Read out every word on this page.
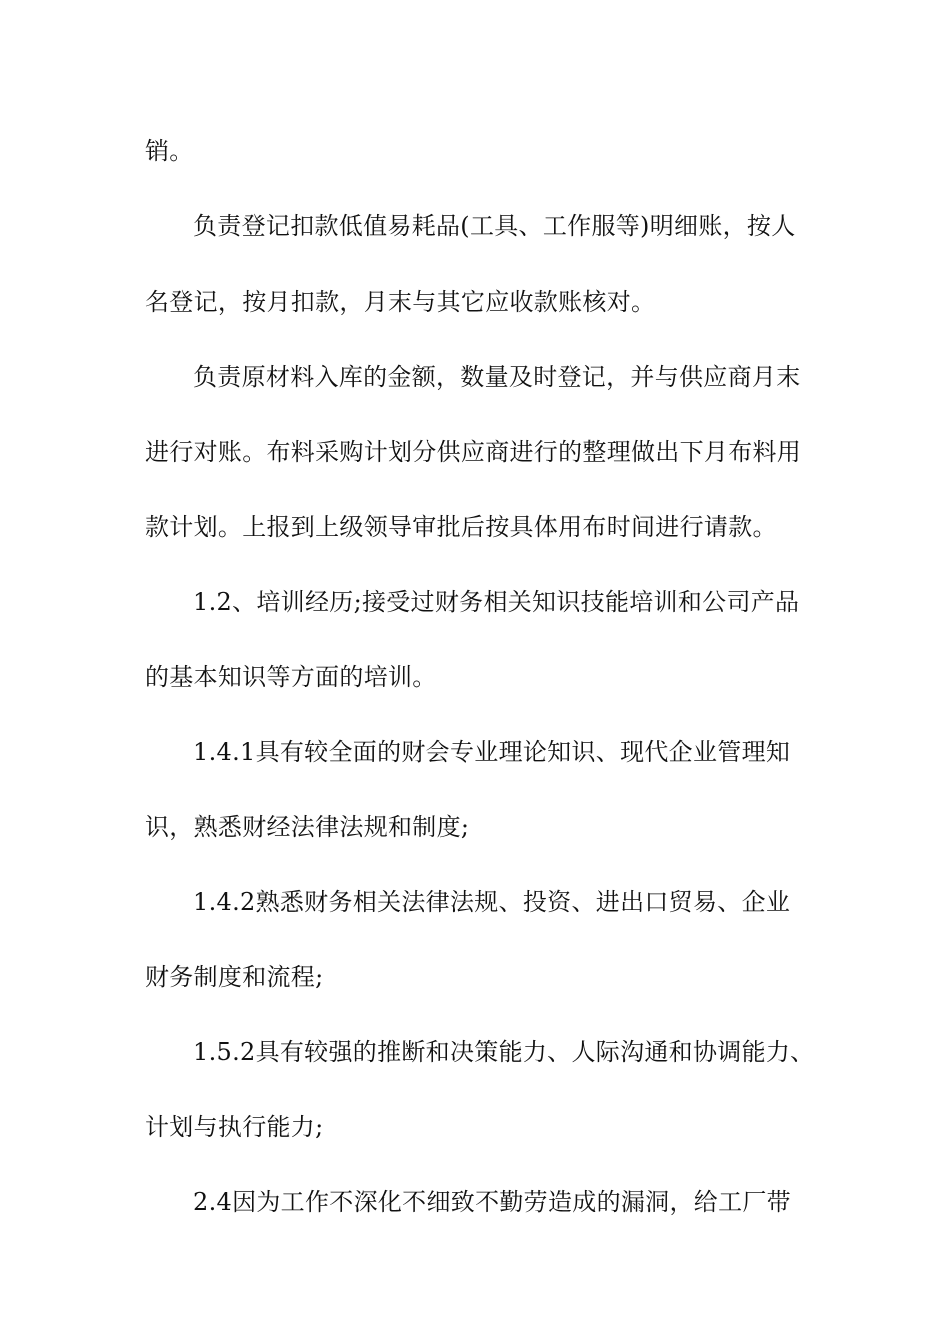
销。
负责登记扣款低值易耗品(工具、工作服等)明细账，按人
名登记，按月扣款，月末与其它应收款账核对。
负责原材料入库的金额，数量及时登记，并与供应商月末
进行对账。布料采购计划分供应商进行的整理做出下月布料用
款计划。上报到上级领导审批后按具体用布时间进行请款。
1.2、培训经历;接受过财务相关知识技能培训和公司产品
的基本知识等方面的培训。
1.4.1具有较全面的财会专业理论知识、现代企业管理知
识，熟悉财经法律法规和制度;
1.4.2熟悉财务相关法律法规、投资、进出口贸易、企业
财务制度和流程;
1.5.2具有较强的推断和决策能力、人际沟通和协调能力、
计划与执行能力;
2.4因为工作不深化不细致不勤劳造成的漏洞，给工厂带
